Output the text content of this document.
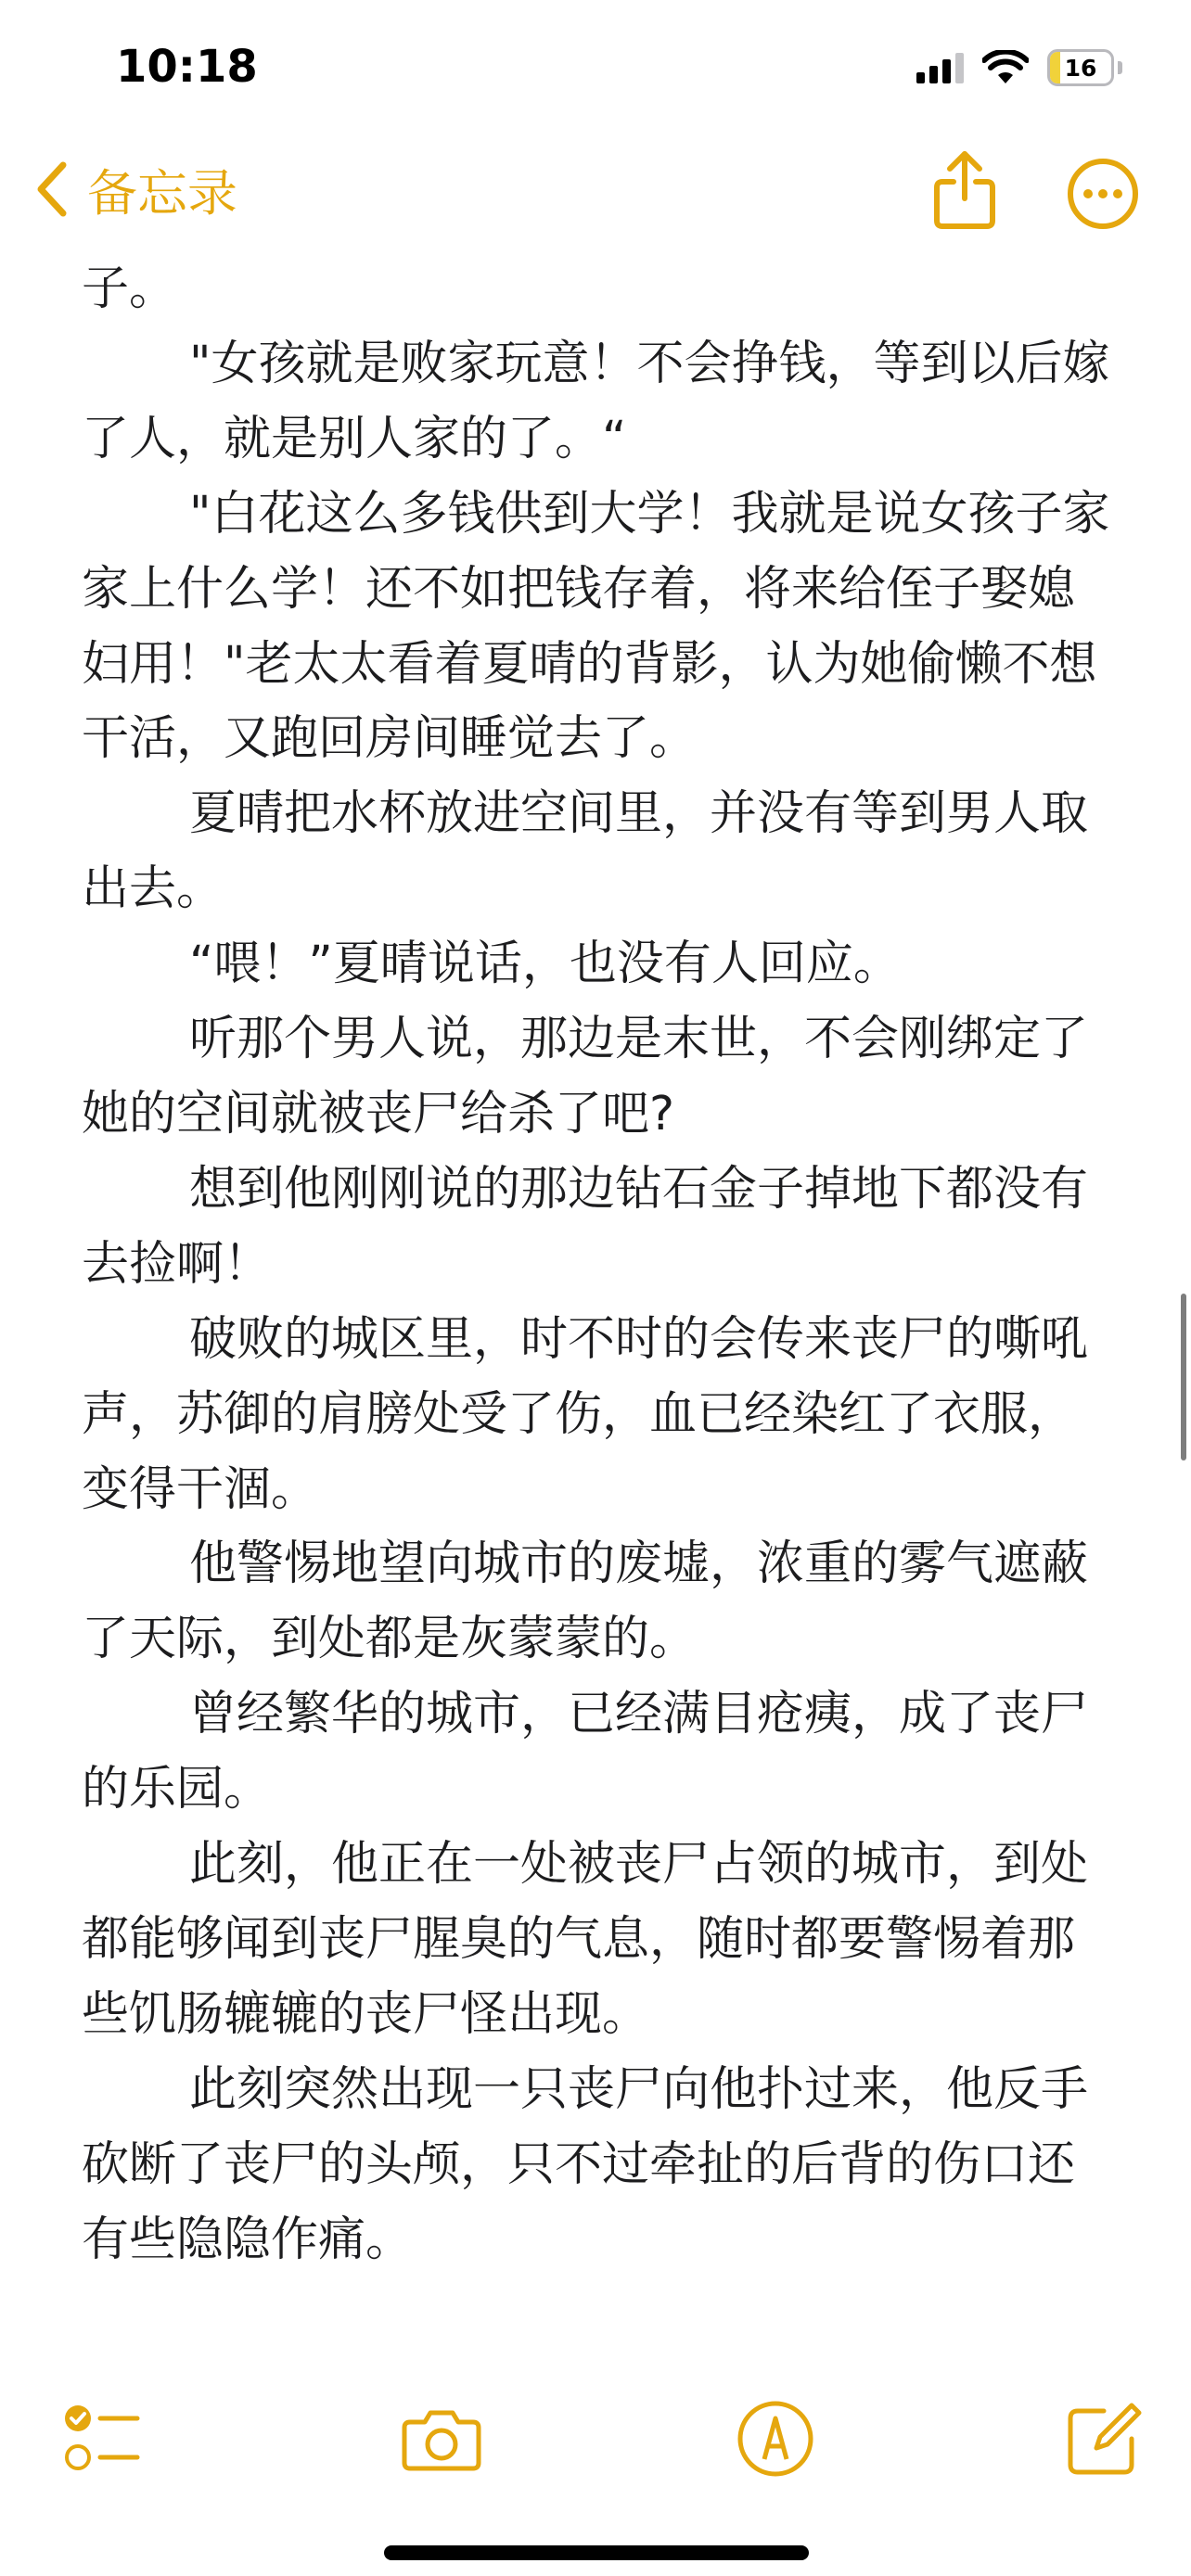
10:18	16
备忘录

子。

"女孩就是败家玩意！不会挣钱，等到以后嫁了人，就是别人家的了。“

"白花这么多钱供到大学！我就是说女孩子家家上什么学！还不如把钱存着，将来给侄子娶媳妇用！"老太太看着夏晴的背影，认为她偷懒不想干活，又跑回房间睡觉去了。

夏晴把水杯放进空间里，并没有等到男人取出去。

“喂！”夏晴说话，也没有人回应。

听那个男人说，那边是末世，不会刚绑定了她的空间就被丧尸给杀了吧?

想到他刚刚说的那边钻石金子掉地下都没有去捡啊！

破败的城区里，时不时的会传来丧尸的嘶吼声，苏御的肩膀处受了伤，血已经染红了衣服，变得干涸。

他警惕地望向城市的废墟，浓重的雾气遮蔽了天际，到处都是灰蒙蒙的。

曾经繁华的城市，已经满目疮痍，成了丧尸的乐园。

此刻，他正在一处被丧尸占领的城市，到处都能够闻到丧尸腥臭的气息，随时都要警惕着那些饥肠辘辘的丧尸怪出现。

此刻突然出现一只丧尸向他扑过来，他反手砍断了丧尸的头颅，只不过牵扯的后背的伤口还有些隐隐作痛。
